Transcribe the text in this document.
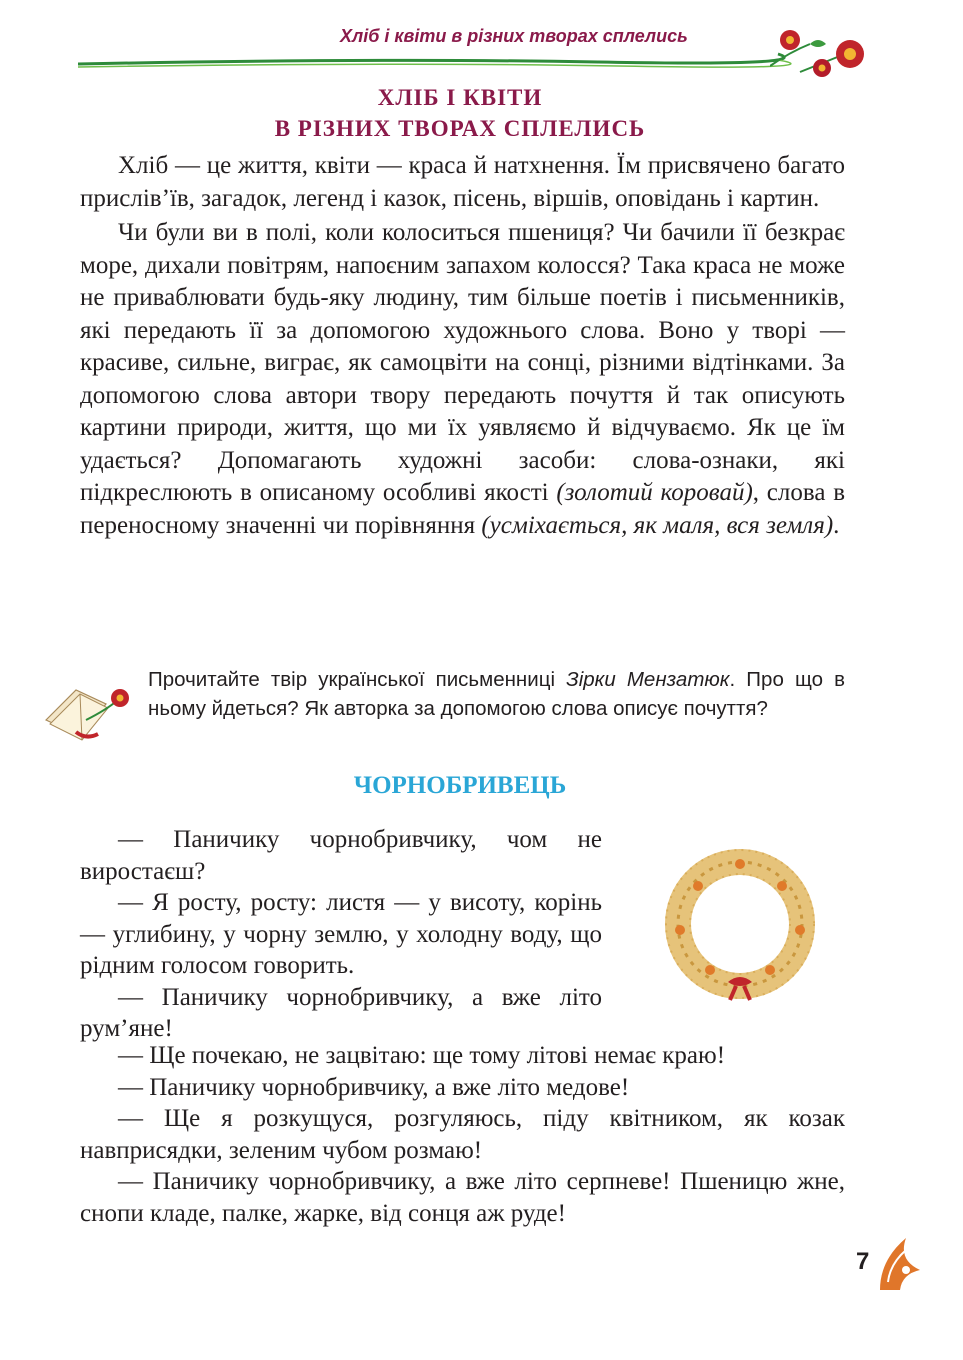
Хліб і квіти в різних творах сплелись
ХЛІБ І КВІТИ
В РІЗНИХ ТВОРАХ СПЛЕЛИСЬ

Хліб — це життя, квіти — краса й натхнення. Їм присвячено багато прислів’їв, загадок, легенд і казок, пісень, віршів, оповідань і картин.

Чи були ви в полі, коли колоситься пшениця? Чи бачили її безкрає море, дихали повітрям, напоєним запахом колосся? Така краса не може не приваблювати будь-яку людину, тим більше поетів і письменників, які передають її за допомогою художнього слова. Воно у творі — красиве, сильне, виграє, як самоцвіти на сонці, різними відтінками. За допомогою слова автори твору передають почуття й так описують картини природи, життя, що ми їх уявляємо й відчуваємо. Як це їм удається? Допомагають художні засоби: слова-ознаки, які підкреслюють в описаному особливі якості (золотий коровай), слова в переносному значенні чи порівняння (усміхається, як маля, вся земля).

Прочитайте твір української письменниці Зірки Мензатюк. Про що в ньому йдеться? Як авторка за допомогою слова описує почуття?
ЧОРНОБРИВЕЦЬ

— Паничику чорнобривчику, чом не виростаєш?

— Я росту, росту: листя — у висоту, корінь — углибину, у чорну землю, у холодну воду, що рідним голосом говорить.

— Паничику чорнобривчику, а вже літо рум’яне!

— Ще почекаю, не зацвітаю: ще тому літові немає краю!

— Паничику чорнобривчику, а вже літо медове!

— Ще я розкущуся, розгуляюсь, піду квітником, як козак навприсядки, зеленим чубом розмаю!

— Паничику чорнобривчику, а вже літо серпневе! Пшеницю жне, снопи кладе, палке, жарке, від сонця аж руде!

7
